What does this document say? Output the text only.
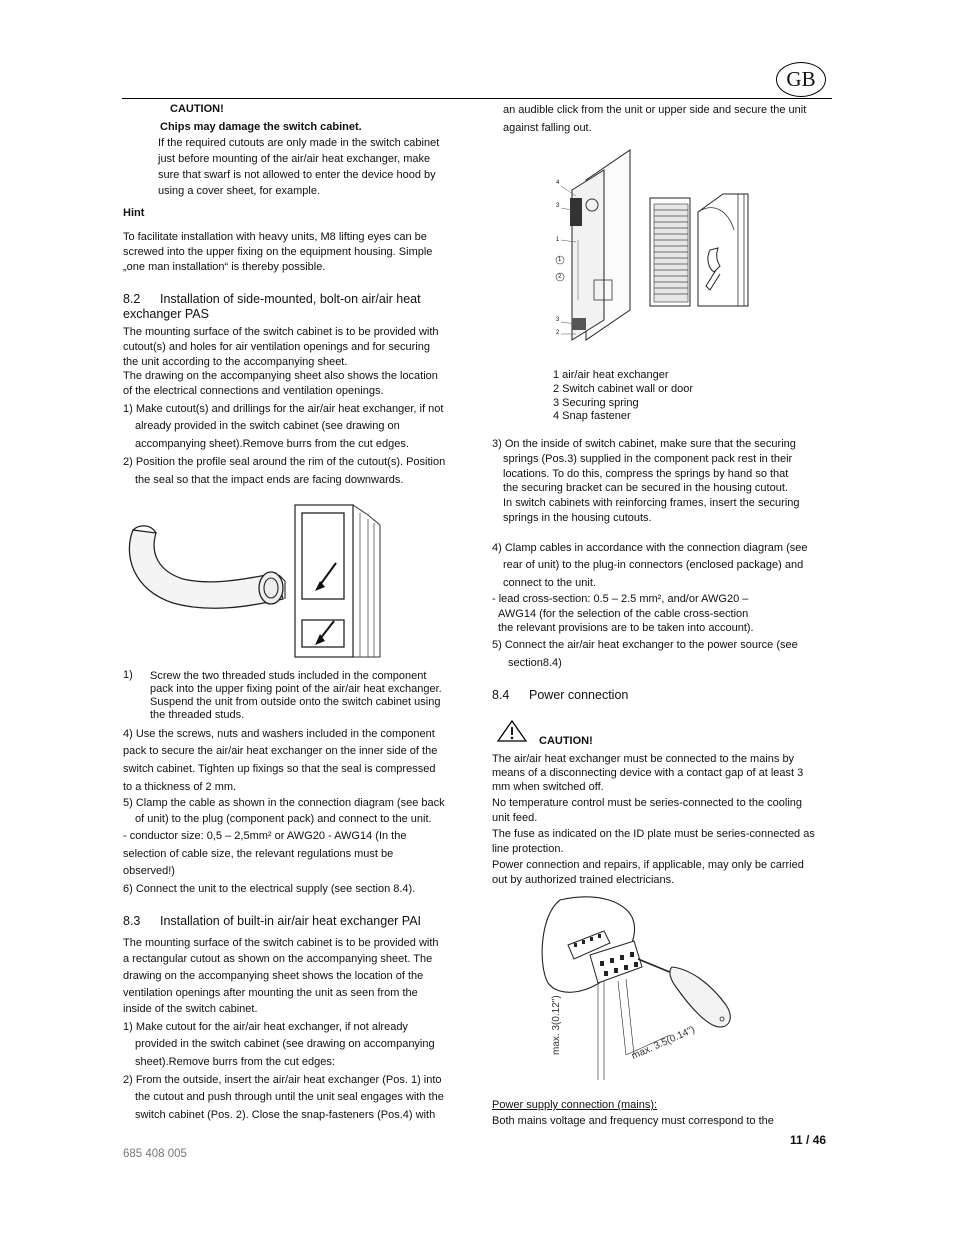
GB
CAUTION!
Chips may damage the switch cabinet.
If the required cutouts are only made in the switch cabinet
just before mounting of the air/air heat exchanger, make
sure that swarf is not allowed to enter the device hood by
using a cover sheet, for example.
Hint
To facilitate installation with heavy units, M8 lifting eyes can be
screwed into the upper fixing on the equipment housing. Simple
„one man installation“ is thereby possible.
8.2 Installation of side-mounted, bolt-on air/air heat
exchanger PAS
The mounting surface of the switch cabinet is to be provided with
cutout(s) and holes for air ventilation openings and for securing
the unit according to the accompanying sheet.
The drawing on the accompanying sheet also shows the location
of the electrical connections and ventilation openings.
1) Make cutout(s) and drillings for the air/air heat exchanger, if not
already provided in the switch cabinet (see drawing on
accompanying sheet).Remove burrs from the cut edges.
2) Position the profile seal around the rim of the cutout(s). Position
the seal so that the impact ends are facing downwards.
1) Screw the two threaded studs included in the component
pack into the upper fixing point of the air/air heat exchanger.
Suspend the unit from outside onto the switch cabinet using
the threaded studs.
4) Use the screws, nuts and washers included in the component
pack to secure the air/air heat exchanger on the inner side of the
switch cabinet. Tighten up fixings so that the seal is compressed
to a thickness of 2 mm.
5) Clamp the cable as shown in the connection diagram (see back
of unit) to the plug (component pack) and connect to the unit.
- conductor size: 0,5 – 2,5mm² or AWG20 - AWG14 (In the
selection of cable size, the relevant regulations must be
observed!)
6) Connect the unit to the electrical supply (see section 8.4).
8.3 Installation of built-in air/air heat exchanger PAI
The mounting surface of the switch cabinet is to be provided with
a rectangular cutout as shown on the accompanying sheet. The
drawing on the accompanying sheet shows the location of the
ventilation openings after mounting the unit as seen from the
inside of the switch cabinet.
1) Make cutout for the air/air heat exchanger, if not already
provided in the switch cabinet (see drawing on accompanying
sheet).Remove burrs from the cut edges:
2) From the outside, insert the air/air heat exchanger (Pos. 1) into
the cutout and push through until the unit seal engages with the
switch cabinet (Pos. 2). Close the snap-fasteners (Pos.4) with
an audible click from the unit or upper side and secure the unit
against falling out.
4
3
1
1
2
3
2
1 air/air heat exchanger
2 Switch cabinet wall or door
3 Securing spring
4 Snap fastener
3) On the inside of switch cabinet, make sure that the securing
springs (Pos.3) supplied in the component pack rest in their
locations. To do this, compress the springs by hand so that
the securing bracket can be secured in the housing cutout.
In switch cabinets with reinforcing frames, insert the securing
springs in the housing cutouts.
4) Clamp cables in accordance with the connection diagram (see
rear of unit) to the plug-in connectors (enclosed package) and
connect to the unit.
- lead cross-section: 0.5 – 2.5 mm², and/or AWG20 –
AWG14 (for the selection of the cable cross-section
the relevant provisions are to be taken into account).
5) Connect the air/air heat exchanger to the power source (see
section8.4)
8.4 Power connection
CAUTION!
The air/air heat exchanger must be connected to the mains by
means of a disconnecting device with a contact gap of at least 3
mm when switched off.
No temperature control must be series-connected to the cooling
unit feed.
The fuse as indicated on the ID plate must be series-connected as
line protection.
Power connection and repairs, if applicable, may only be carried
out by authorized trained electricians.
max. 3(0.12")	max. 3.5(0.14")
Power supply connection (mains):
Both mains voltage and frequency must correspond to the
11 / 46
685 408 005
